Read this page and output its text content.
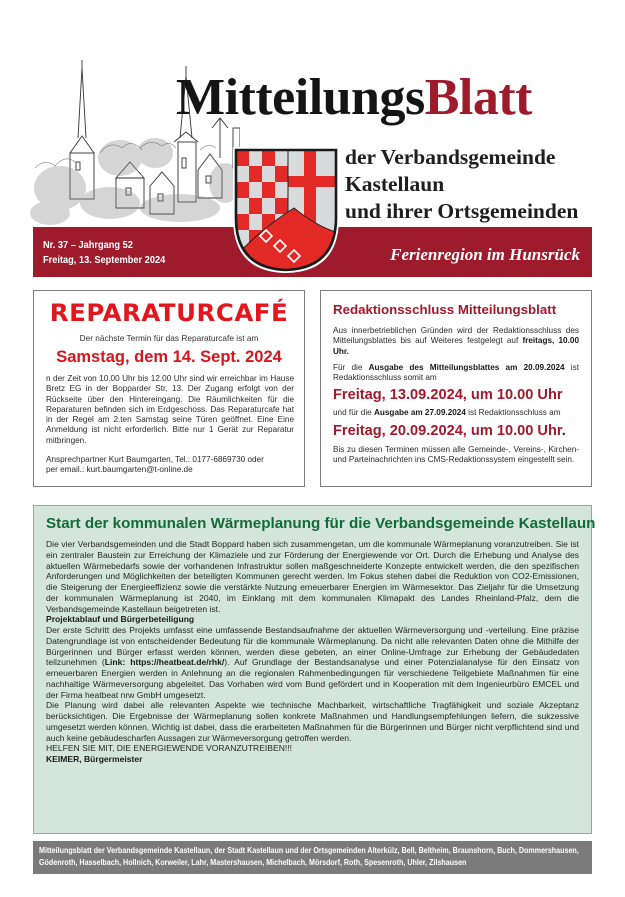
MitteilungsBlatt
der Verbandsgemeinde
Kastellaun
und ihrer Ortsgemeinden
Nr. 37 – Jahrgang 52
Freitag, 13. September 2024	Ferienregion im Hunsrück
REPARATURCAFÉ
Der nächste Termin für das Reparaturcafe ist am
Samstag, dem 14. Sept. 2024

n der Zeit von 10.00 Uhr bis 12.00 Uhr sind wir erreichbar im Hause Bretz EG in der Bopparder Str. 13. Der Zugang erfolgt von der Rückseite über den Hintereingang. Die Räumlichkeiten für die Reparaturen befinden sich im Erdgeschoss. Das Reparaturcafe hat in der Regel am 2.ten Samstag seine Türen geöffnet. Eine Eine Anmeldung ist nicht erforderlich. Bitte nur 1 Gerät zur Reparatur mitbringen.

Ansprechpartner Kurt Baumgarten, Tel.: 0177-6869730 oder
per email.: kurt.baumgarten@t-online.de

Redaktionsschluss Mitteilungsblatt

Aus innerbetrieblichen Gründen wird der Redaktionsschluss des Mitteilungsblattes bis auf Weiteres festgelegt auf freitags, 10.00 Uhr.

Für die Ausgabe des Mitteilungsblattes am 20.09.2024 ist Redaktionsschluss somit am

Freitag, 13.09.2024, um 10.00 Uhr

und für die Ausgabe am 27.09.2024 ist Redaktionsschluss am

Freitag, 20.09.2024, um 10.00 Uhr.

Bis zu diesen Terminen müssen alle Gemeinde-, Vereins-, Kirchen- und Parteinachrichten ins CMS-Redaktionssystem eingestellt sein.

Start der kommunalen Wärmeplanung für die Verbandsgemeinde Kastellaun

Die vier Verbandsgemeinden und die Stadt Boppard haben sich zusammengetan, um die kommunale Wärmeplanung voranzutreiben. Sie ist ein zentraler Baustein zur Erreichung der Klimaziele und zur Förderung der Energiewende vor Ort. Durch die Erhebung und Analyse des aktuellen Wärmebedarfs sowie der vorhandenen Infrastruktur sollen maßgeschneiderte Konzepte entwickelt werden, die den spezifischen Anforderungen und Möglichkeiten der beteiligten Kommunen gerecht werden. Im Fokus stehen dabei die Reduktion von CO2-Emissionen, die Steigerung der Energieeffizienz sowie die verstärkte Nutzung erneuerbarer Energien im Wärmesektor. Das Zieljahr für die Umsetzung der kommunalen Wärmeplanung ist 2040, im Einklang mit dem kommunalen Klimapakt des Landes Rheinland-Pfalz, dem die Verbandsgemeinde Kastellaun beigetreten ist.

Projektablauf und Bürgerbeteiligung

Der erste Schritt des Projekts umfasst eine umfassende Bestandsaufnahme der aktuellen Wärmeversorgung und -verteilung. Eine präzise Datengrundlage ist von entscheidender Bedeutung für die kommunale Wärmeplanung. Da nicht alle relevanten Daten ohne die Mithilfe der Bürgerinnen und Bürger erfasst werden können, werden diese gebeten, an einer Online-Umfrage zur Erhebung der Gebäudedaten teilzunehmen (Link: https://heatbeat.de/rhk/). Auf Grundlage der Bestandsanalyse und einer Potenzialanalyse für den Einsatz von erneuerbaren Energien werden in Anlehnung an die regionalen Rahmenbedingungen für verschiedene Teilgebiete Maßnahmen für eine nachhaltige Wärmeversorgung abgeleitet. Das Vorhaben wird vom Bund gefördert und in Kooperation mit dem Ingenieurbüro EMCEL und der Firma heatbeat nrw GmbH umgesetzt.

Die Planung wird dabei alle relevanten Aspekte wie technische Machbarkeit, wirtschaftliche Tragfähigkeit und soziale Akzeptanz berücksichtigen. Die Ergebnisse der Wärmeplanung sollen konkrete Maßnahmen und Handlungsempfehlungen liefern, die sukzessive umgesetzt werden können. Wichtig ist dabei, dass die erarbeiteten Maßnahmen für die Bürgerinnen und Bürger nicht verpflichtend sind und auch keine gebäudescharfen Aussagen zur Wärmeversorgung getroffen werden.

HELFEN SIE MIT, DIE ENERGIEWENDE VORANZUTREIBEN!!!

KEIMER, Bürgermeister

Mitteilungsblatt der Verbandsgemeinde Kastellaun, der Stadt Kastellaun und der Ortsgemeinden Alterkülz, Bell, Beltheim, Braunshorn, Buch, Dommershausen, Gödenroth, Hasselbach, Hollnich, Korweiler, Lahr, Mastershausen, Michelbach, Mörsdorf, Roth, Spesenroth, Uhler, Zilshausen
